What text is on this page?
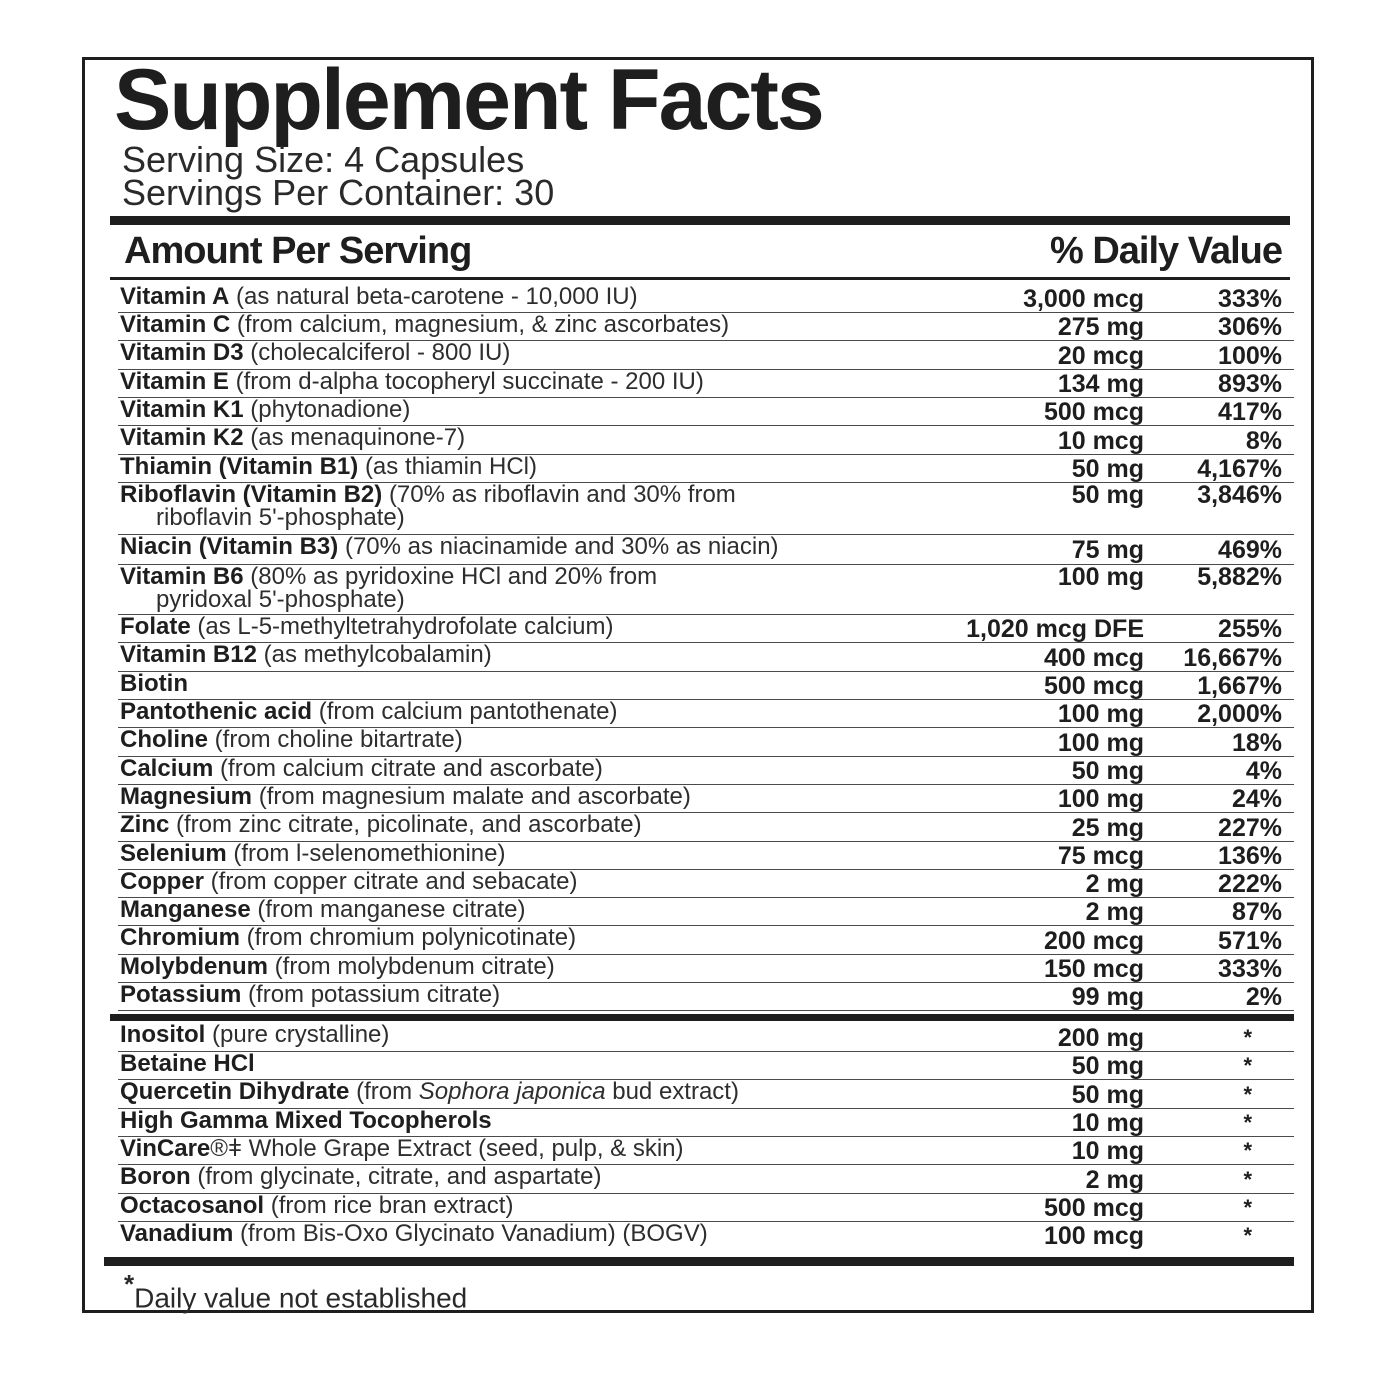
Supplement Facts
Serving Size: 4 Capsules
Servings Per Container: 30
Amount Per Serving	% Daily Value
Vitamin A (as natural beta-carotene - 10,000 IU)	3,000 mcg	333%
Vitamin C (from calcium, magnesium, & zinc ascorbates)	275 mg	306%
Vitamin D3 (cholecalciferol - 800 IU)	20 mcg	100%
Vitamin E (from d-alpha tocopheryl succinate - 200 IU)	134 mg	893%
Vitamin K1 (phytonadione)	500 mcg	417%
Vitamin K2 (as menaquinone-7)	10 mcg	8%
Thiamin (Vitamin B1) (as thiamin HCl)	50 mg 4,167%
Riboflavin (Vitamin B2) (70% as riboflavin and 30% from
riboflavin 5'-phosphate)
50 mg 3,846%
Niacin (Vitamin B3) (70% as niacinamide and 30% as niacin)	75 mg	469%
Vitamin B6 (80% as pyridoxine HCl and 20% from
pyridoxal 5'-phosphate)
100 mg 5,882%
Folate (as L-5-methyltetrahydrofolate calcium)	1,020 mcg DFE	255%
Vitamin B12 (as methylcobalamin)	400 mcg 16,667%
Biotin	500 mcg 1,667%
Pantothenic acid (from calcium pantothenate)	100 mg 2,000%
Choline (from choline bitartrate)	100 mg	18%
Calcium (from calcium citrate and ascorbate)	50 mg	4%
Magnesium (from magnesium malate and ascorbate)	100 mg	24%
Zinc (from zinc citrate, picolinate, and ascorbate)	25 mg	227%
Selenium (from l-selenomethionine)	75 mcg	136%
Copper (from copper citrate and sebacate)	2 mg	222%
Manganese (from manganese citrate)	2 mg	87%
Chromium (from chromium polynicotinate)	200 mcg	571%
Molybdenum (from molybdenum citrate)	150 mcg	333%
Potassium (from potassium citrate)	99 mg	2%
Inositol (pure crystalline)	200 mg	*
Betaine HCl	50 mg	*
Quercetin Dihydrate (from Sophora japonica bud extract)	50 mg	*
High Gamma Mixed Tocopherols	10 mg	*
VinCare®ǂ Whole Grape Extract (seed, pulp, & skin)	10 mg	*
Boron (from glycinate, citrate, and aspartate)	2 mg	*
Octacosanol (from rice bran extract)	500 mcg	*
Vanadium (from Bis-Oxo Glycinato Vanadium) (BOGV)	100 mcg	*
*Daily value not established
